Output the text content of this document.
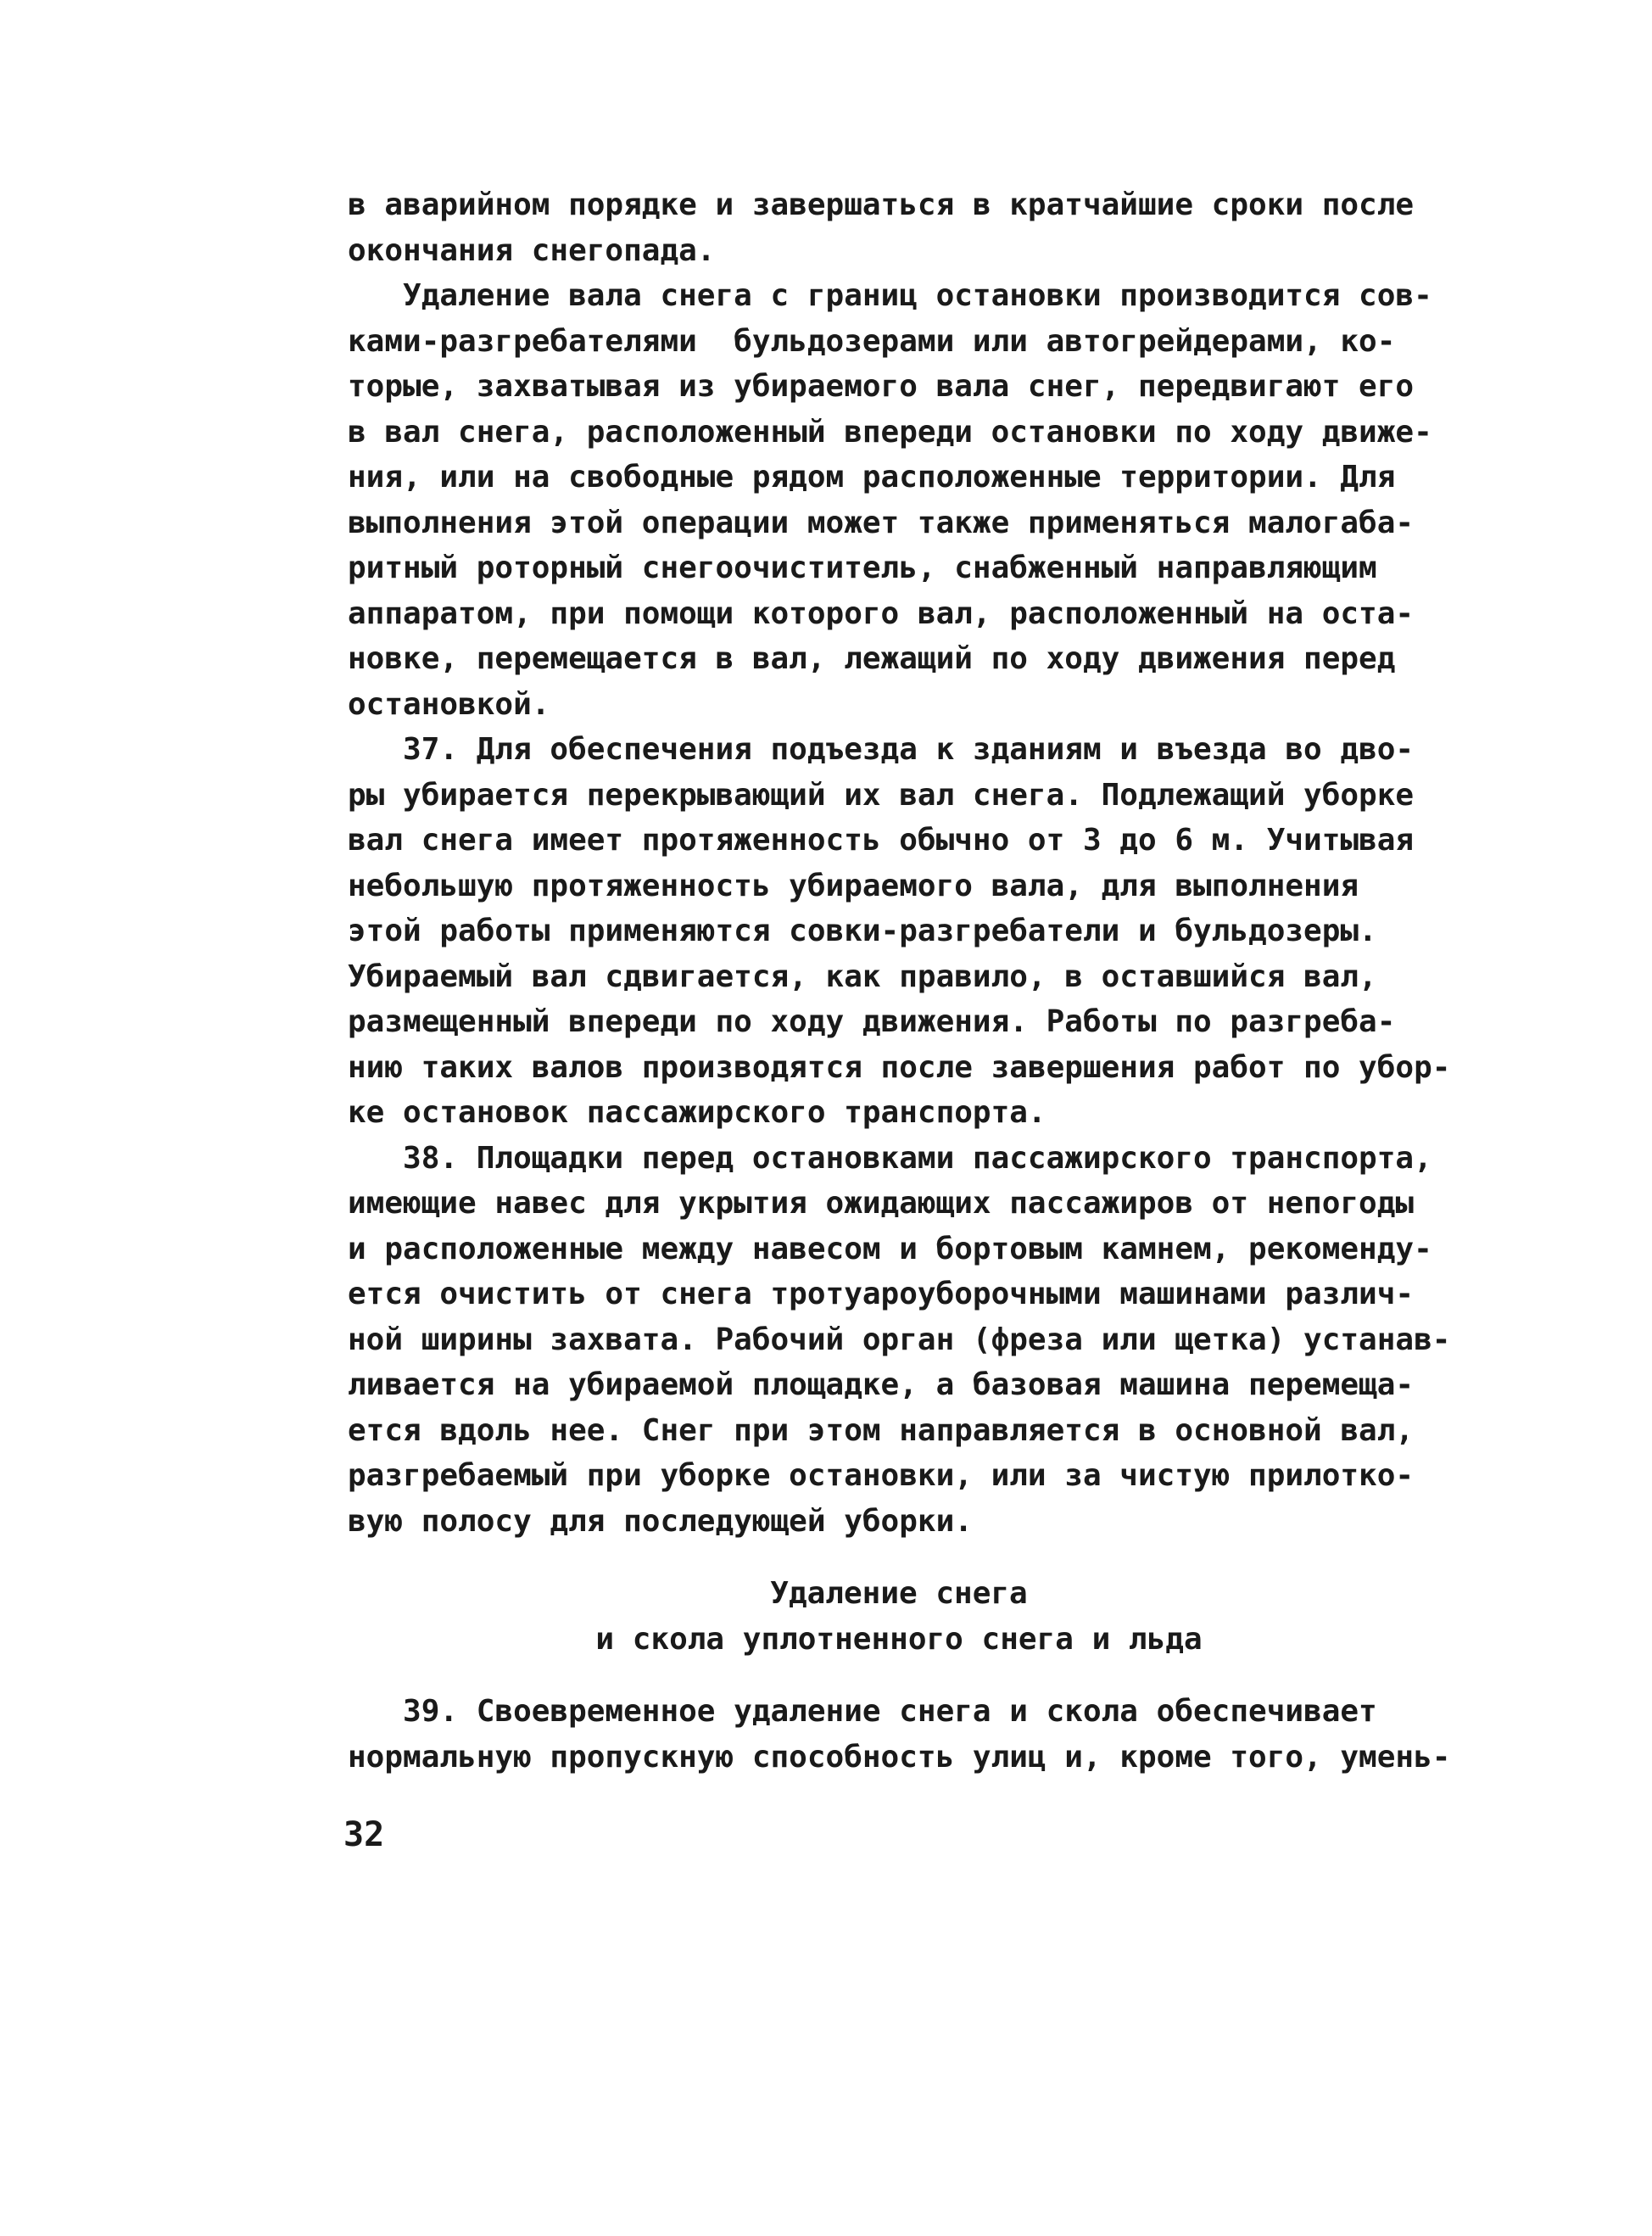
в аварийном порядке и завершаться в кратчайшие сроки после
окончания снегопада.
Удаление вала снега с границ остановки производится сов-
ками-разгребателями  бульдозерами или автогрейдерами, ко-
торые, захватывая из убираемого вала снег, передвигают его
в вал снега, расположенный впереди остановки по ходу движе-
ния, или на свободные рядом расположенные территории. Для
выполнения этой операции может также применяться малогаба-
ритный роторный снегоочиститель, снабженный направляющим
аппаратом, при помощи которого вал, расположенный на оста-
новке, перемещается в вал, лежащий по ходу движения перед
остановкой.
37. Для обеспечения подъезда к зданиям и въезда во дво-
ры убирается перекрывающий их вал снега. Подлежащий уборке
вал снега имеет протяженность обычно от 3 до 6 м. Учитывая
небольшую протяженность убираемого вала, для выполнения
этой работы применяются совки-разгребатели и бульдозеры.
Убираемый вал сдвигается, как правило, в оставшийся вал,
размещенный впереди по ходу движения. Работы по разгреба-
нию таких валов производятся после завершения работ по убор-
ке остановок пассажирского транспорта.
38. Площадки перед остановками пассажирского транспорта,
имеющие навес для укрытия ожидающих пассажиров от непогоды
и расположенные между навесом и бортовым камнем, рекоменду-
ется очистить от снега тротуароуборочными машинами различ-
ной ширины захвата. Рабочий орган (фреза или щетка) устанав-
ливается на убираемой площадке, а базовая машина перемеща-
ется вдоль нее. Снег при этом направляется в основной вал,
разгребаемый при уборке остановки, или за чистую прилотко-
вую полосу для последующей уборки.
Удаление снега
и скола уплотненного снега и льда
39. Своевременное удаление снега и скола обеспечивает
нормальную пропускную способность улиц и, кроме того, умень-
32
